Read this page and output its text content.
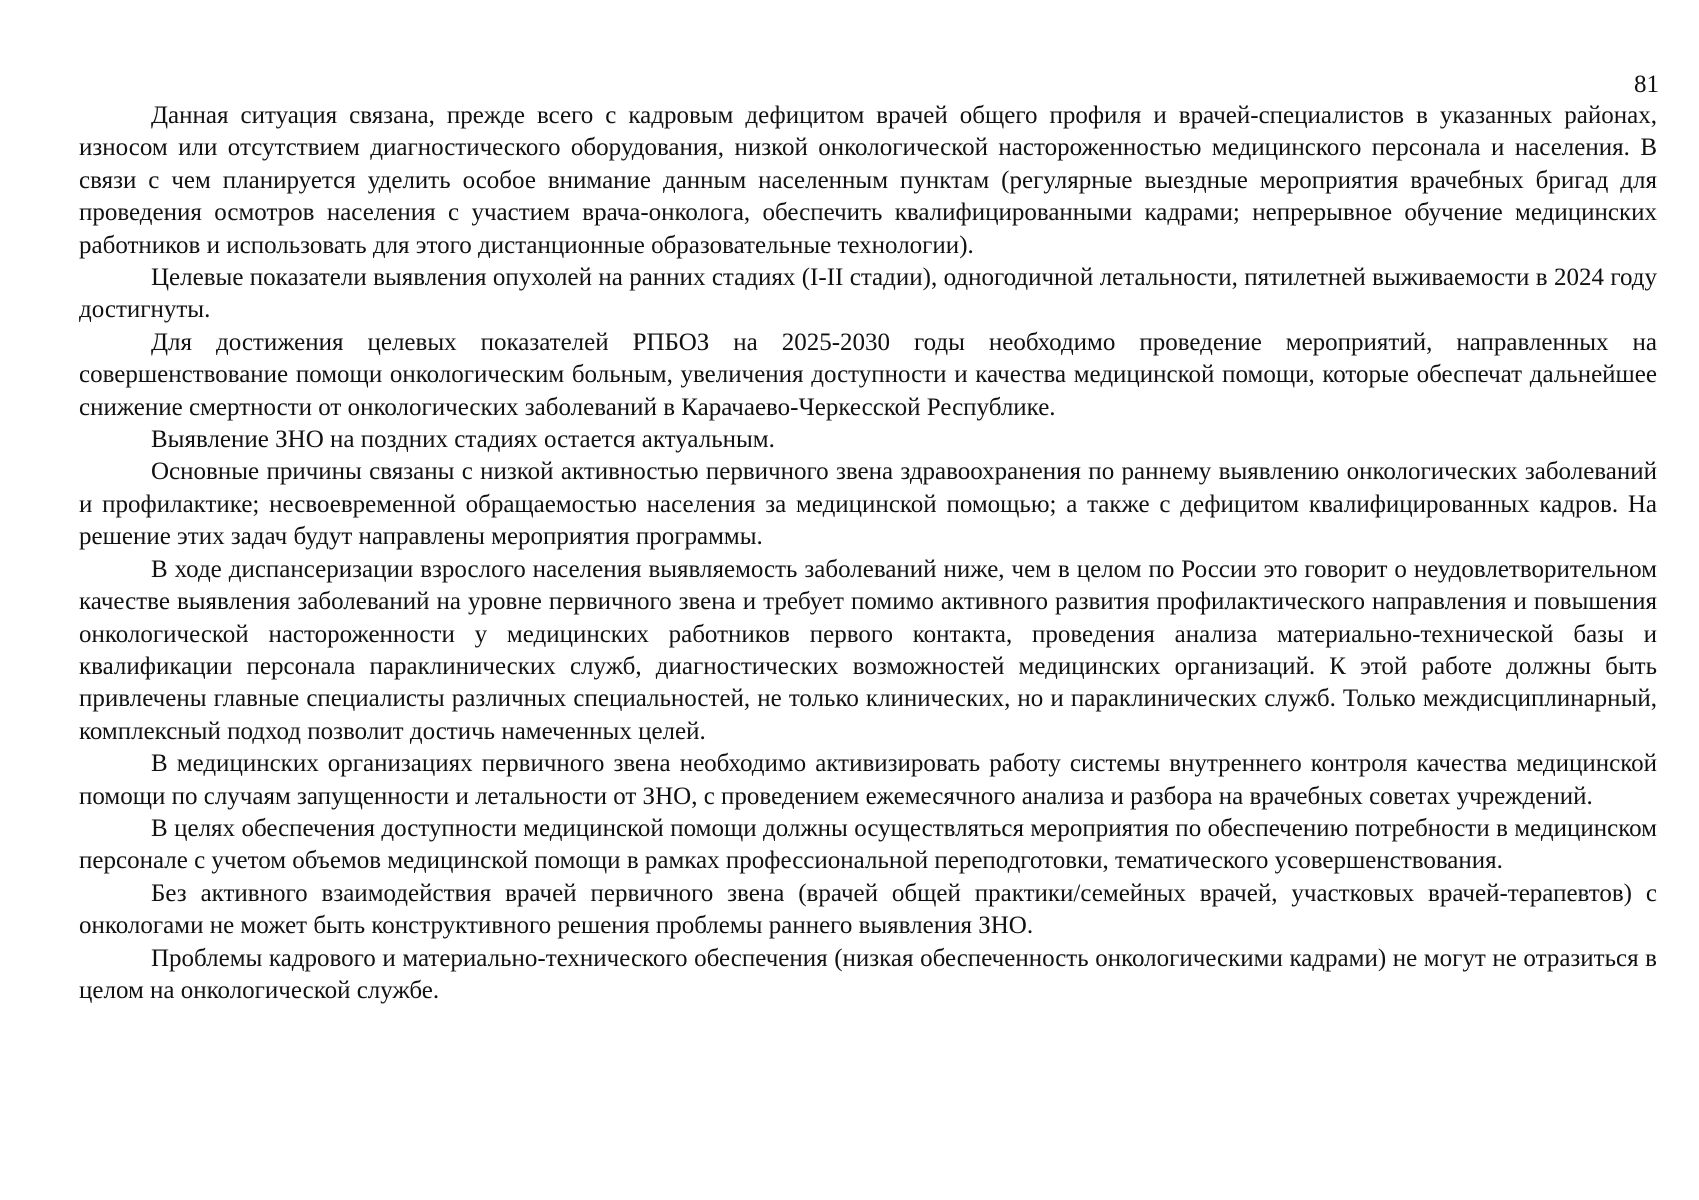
81

Данная ситуация связана, прежде всего с кадровым дефицитом врачей общего профиля и врачей-специалистов в указанных районах, износом или отсутствием диагностического оборудования, низкой онкологической настороженностью медицинского персонала и населения. В связи с чем планируется уделить особое внимание данным населенным пунктам (регулярные выездные мероприятия врачебных бригад для проведения осмотров населения с участием врача-онколога, обеспечить квалифицированными кадрами; непрерывное обучение медицинских работников и использовать для этого дистанционные образовательные технологии).

Целевые показатели выявления опухолей на ранних стадиях (I-II стадии), одногодичной летальности, пятилетней выживаемости в 2024 году достигнуты.

Для достижения целевых показателей РПБОЗ на 2025-2030 годы необходимо проведение мероприятий, направленных на совершенствование помощи онкологическим больным, увеличения доступности и качества медицинской помощи, которые обеспечат дальнейшее снижение смертности от онкологических заболеваний в Карачаево-Черкесской Республике.

Выявление ЗНО на поздних стадиях остается актуальным.

Основные причины связаны с низкой активностью первичного звена здравоохранения по раннему выявлению онкологических заболеваний и профилактике; несвоевременной обращаемостью населения за медицинской помощью; а также с дефицитом квалифицированных кадров. На решение этих задач будут направлены мероприятия программы.

В ходе диспансеризации взрослого населения выявляемость заболеваний ниже, чем в целом по России это говорит о неудовлетворительном качестве выявления заболеваний на уровне первичного звена и требует помимо активного развития профилактического направления и повышения онкологической настороженности у медицинских работников первого контакта, проведения анализа материально-технической базы и квалификации персонала параклинических служб, диагностических возможностей медицинских организаций. К этой работе должны быть привлечены главные специалисты различных специальностей, не только клинических, но и параклинических служб. Только междисциплинарный, комплексный подход позволит достичь намеченных целей.

В медицинских организациях первичного звена необходимо активизировать работу системы внутреннего контроля качества медицинской помощи по случаям запущенности и летальности от ЗНО, с проведением ежемесячного анализа и разбора на врачебных советах учреждений.

В целях обеспечения доступности медицинской помощи должны осуществляться мероприятия по обеспечению потребности в медицинском персонале с учетом объемов медицинской помощи в рамках профессиональной переподготовки, тематического усовершенствования.

Без активного взаимодействия врачей первичного звена (врачей общей практики/семейных врачей, участковых врачей-терапевтов) с онкологами не может быть конструктивного решения проблемы раннего выявления ЗНО.

Проблемы кадрового и материально-технического обеспечения (низкая обеспеченность онкологическими кадрами) не могут не отразиться в целом на онкологической службе.
